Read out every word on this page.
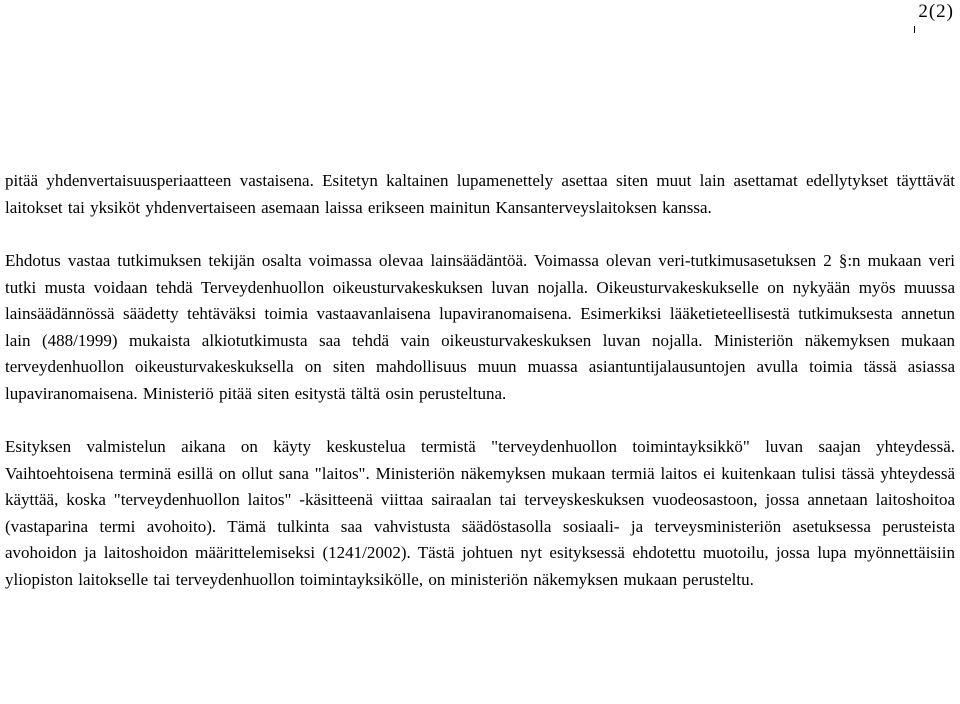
2(2)

pitää yhdenvertaisuusperiaatteen vastaisena. Esitetyn kaltainen lupamenettely asettaa siten muut lain asettamat edellytykset täyttävät laitokset tai yksiköt yhdenvertaiseen asemaan laissa erikseen mainitun Kansanterveyslaitoksen kanssa.

Ehdotus vastaa tutkimuksen tekijän osalta voimassa olevaa lainsäädäntöä. Voimassa olevan veri-tutkimusasetuksen 2 §:n mukaan veri tutki musta voidaan tehdä Terveydenhuollon oikeusturvakeskuksen luvan nojalla. Oikeusturvakeskukselle on nykyään myös muussa lainsäädännössä säädetty tehtäväksi toimia vastaavanlaisena lupaviranomaisena. Esimerkiksi lääketieteellisestä tutkimuksesta annetun lain (488/1999) mukaista alkiotutkimusta saa tehdä vain oikeusturvakeskuksen luvan nojalla. Ministeriön näkemyksen mukaan terveydenhuollon oikeusturvakeskuksella on siten mahdollisuus muun muassa asiantuntijalausuntojen avulla toimia tässä asiassa lupaviranomaisena. Ministeriö pitää siten esitystä tältä osin perusteltuna.

Esityksen valmistelun aikana on käyty keskustelua termistä "terveydenhuollon toimintayksikkö" luvan saajan yhteydessä. Vaihtoehtoisena terminä esillä on ollut sana "laitos". Ministeriön näkemyksen mukaan termiä laitos ei kuitenkaan tulisi tässä yhteydessä käyttää, koska "terveydenhuollon laitos" -käsitteenä viittaa sairaalan tai terveyskeskuksen vuodeosastoon, jossa annetaan laitoshoitoa (vastaparina termi avohoito). Tämä tulkinta saa vahvistusta säädöstasolla sosiaali- ja terveysministeriön asetuksessa perusteista avohoidon ja laitoshoidon määrittelemiseksi (1241/2002). Tästä johtuen nyt esityksessä ehdotettu muotoilu, jossa lupa myönnettäisiin yliopiston laitokselle tai terveydenhuollon toimintayksikölle, on ministeriön näkemyksen mukaan perusteltu.
